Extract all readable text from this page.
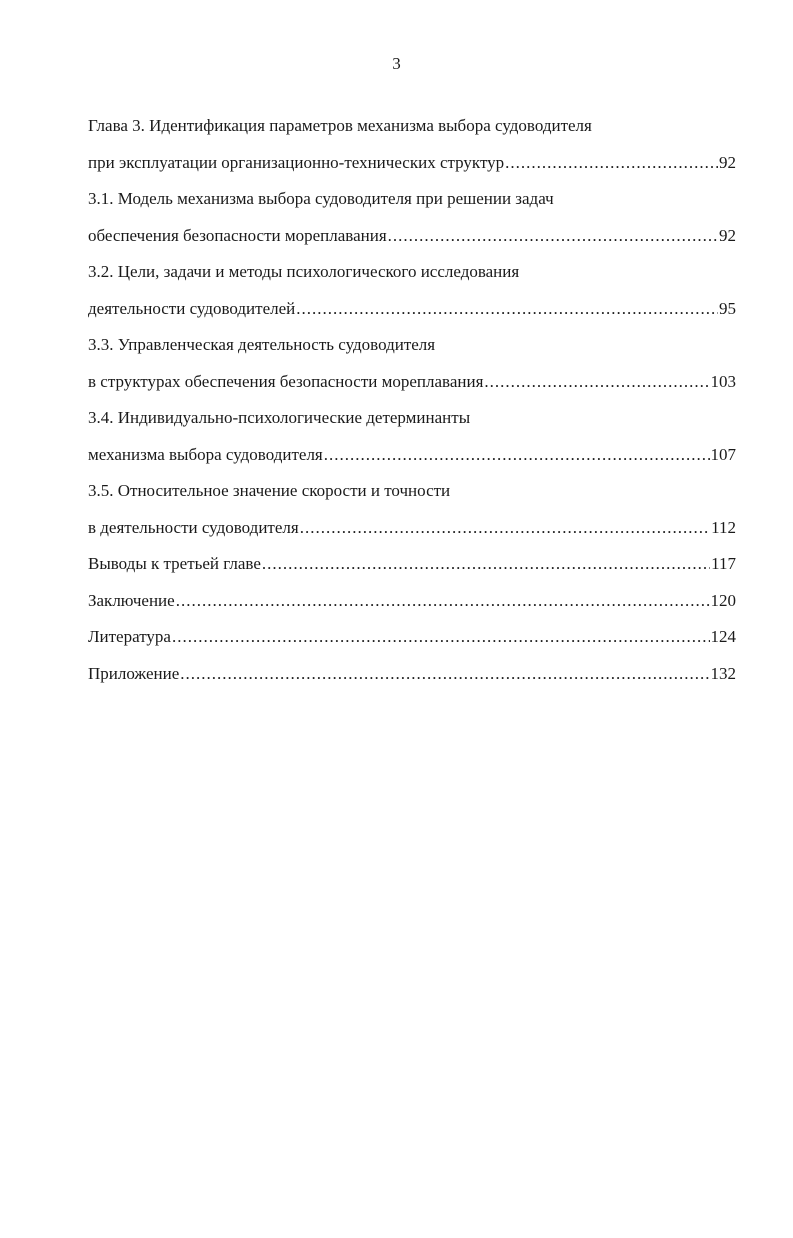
3
Глава 3. Идентификация параметров механизма выбора судоводителя
при эксплуатации организационно-технических структур .....	92
3.1. Модель механизма выбора судоводителя при решении задач
обеспечения безопасности мореплавания .....	92
3.2. Цели, задачи и методы психологического исследования
деятельности судоводителей .....	95
3.3. Управленческая деятельность судоводителя
в структурах обеспечения безопасности мореплавания .....	103
3.4. Индивидуально-психологические детерминанты
механизма выбора судоводителя .....	107
3.5. Относительное значение скорости и точности
в деятельности судоводителя .....	112
Выводы к третьей главе .....	117
Заключение .....	120
Литература .....	124
Приложение .....	132
